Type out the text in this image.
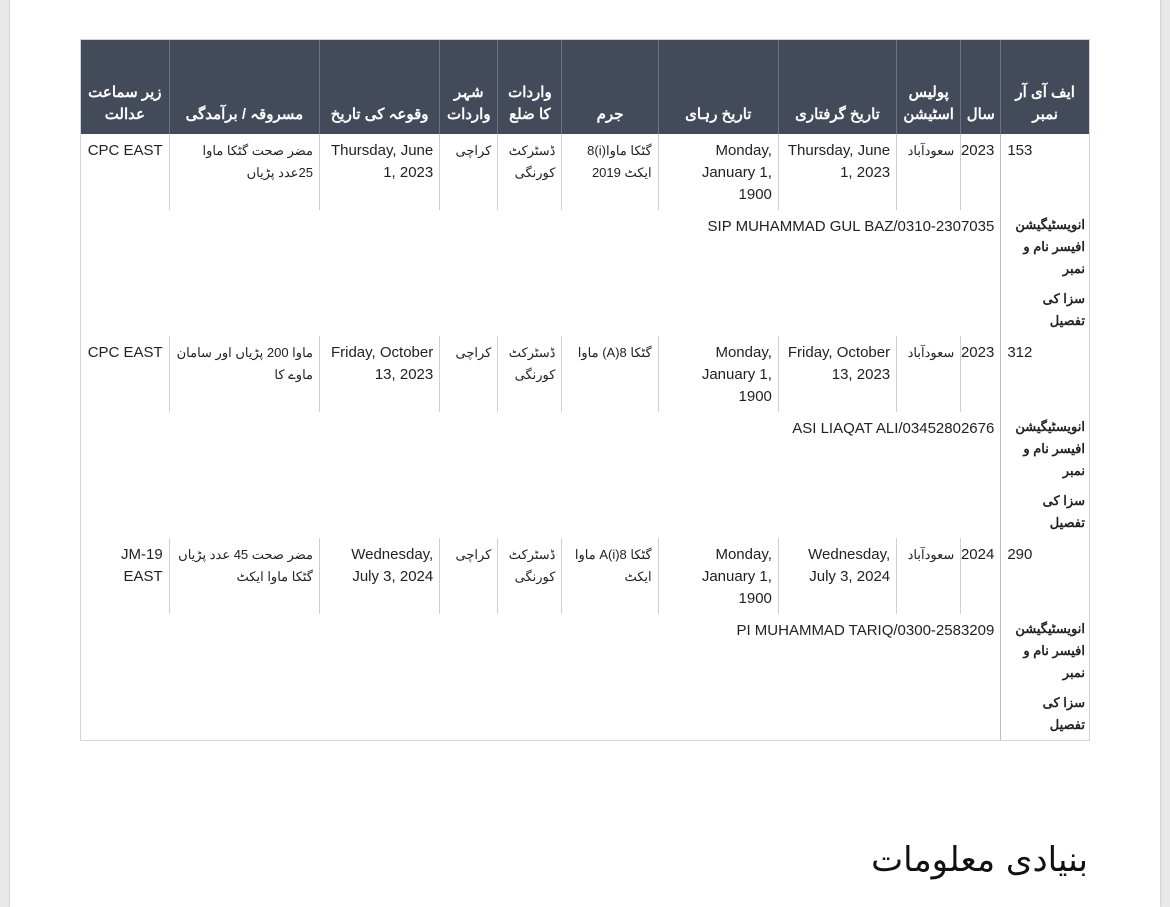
ایف آی آر نمبر	سال	پولیس اسٹیشن	تاریخ گرفتاری	تاریخ رہای	جرم	واردات کا ضلع	شہر واردات	وقوعہ کی تاریخ	مسروقہ / برآمدگی	زیر سماعت عدالت
153	2023	سعودآباد	Thursday, June 1, 2023	Monday, January 1, 1900	گٹکا ماوا(i)8 ایکٹ 2019	ڈسٹرکٹ کورنگی	کراچی	Thursday, June 1, 2023	مضر صحت گٹکا ماوا 25عدد پڑیاں	CPC EAST
انویسٹیگیشن افیسر نام و نمبر	SIP MUHAMMAD GUL BAZ/0310-2307035									
سزا کی تفصیل										
312	2023	سعودآباد	Friday, October 13, 2023	Monday, January 1, 1900	گٹکا 8(A) ماوا	ڈسٹرکٹ کورنگی	کراچی	Friday, October 13, 2023	ماوا 200 پڑیاں اور سامان ماوے کا	CPC EAST
انویسٹیگیشن افیسر نام و نمبر	ASI LIAQAT ALI/03452802676									
سزا کی تفصیل										
290	2024	سعودآباد	Wednesday, July 3, 2024	Monday, January 1, 1900	گٹکا A(i)8 ماوا ایکٹ	ڈسٹرکٹ کورنگی	کراچی	Wednesday, July 3, 2024	مضر صحت 45 عدد پڑیاں گٹکا ماوا ایکٹ	JM-19 EAST
انویسٹیگیشن افیسر نام و نمبر	PI MUHAMMAD TARIQ/0300-2583209									
سزا کی تفصیل										
بنیادی معلومات
